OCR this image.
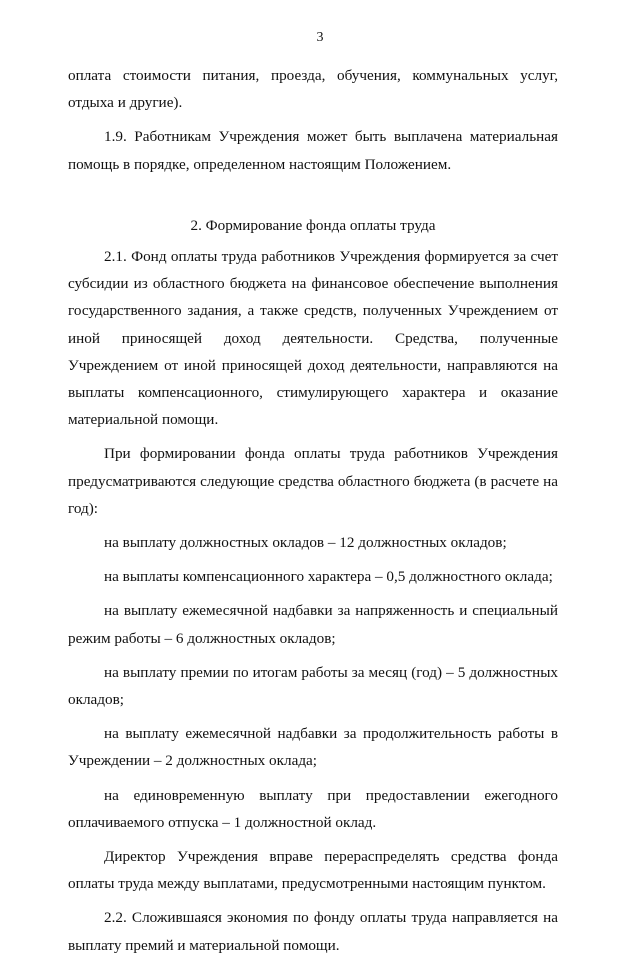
3

оплата стоимости питания, проезда, обучения, коммунальных услуг, отдыха и другие).

1.9. Работникам Учреждения может быть выплачена материальная помощь в порядке, определенном настоящим Положением.

2. Формирование фонда оплаты труда

2.1. Фонд оплаты труда работников Учреждения формируется за счет субсидии из областного бюджета на финансовое обеспечение выполнения государственного задания, а также средств, полученных Учреждением от иной приносящей доход деятельности. Средства, полученные Учреждением от иной приносящей доход деятельности, направляются на выплаты компенсационного, стимулирующего характера и оказание материальной помощи.

При формировании фонда оплаты труда работников Учреждения предусматриваются следующие средства областного бюджета (в расчете на год):

на выплату должностных окладов – 12 должностных окладов;

на выплаты компенсационного характера – 0,5 должностного оклада;

на выплату ежемесячной надбавки за напряженность и специальный режим работы – 6 должностных окладов;

на выплату премии по итогам работы за месяц (год) – 5 должностных окладов;

на выплату ежемесячной надбавки за продолжительность работы в Учреждении – 2 должностных оклада;

на единовременную выплату при предоставлении ежегодного оплачиваемого отпуска – 1 должностной оклад.

Директор Учреждения вправе перераспределять средства фонда оплаты труда между выплатами, предусмотренными настоящим пунктом.

2.2. Сложившаяся экономия по фонду оплаты труда направляется на выплату премий и материальной помощи.
